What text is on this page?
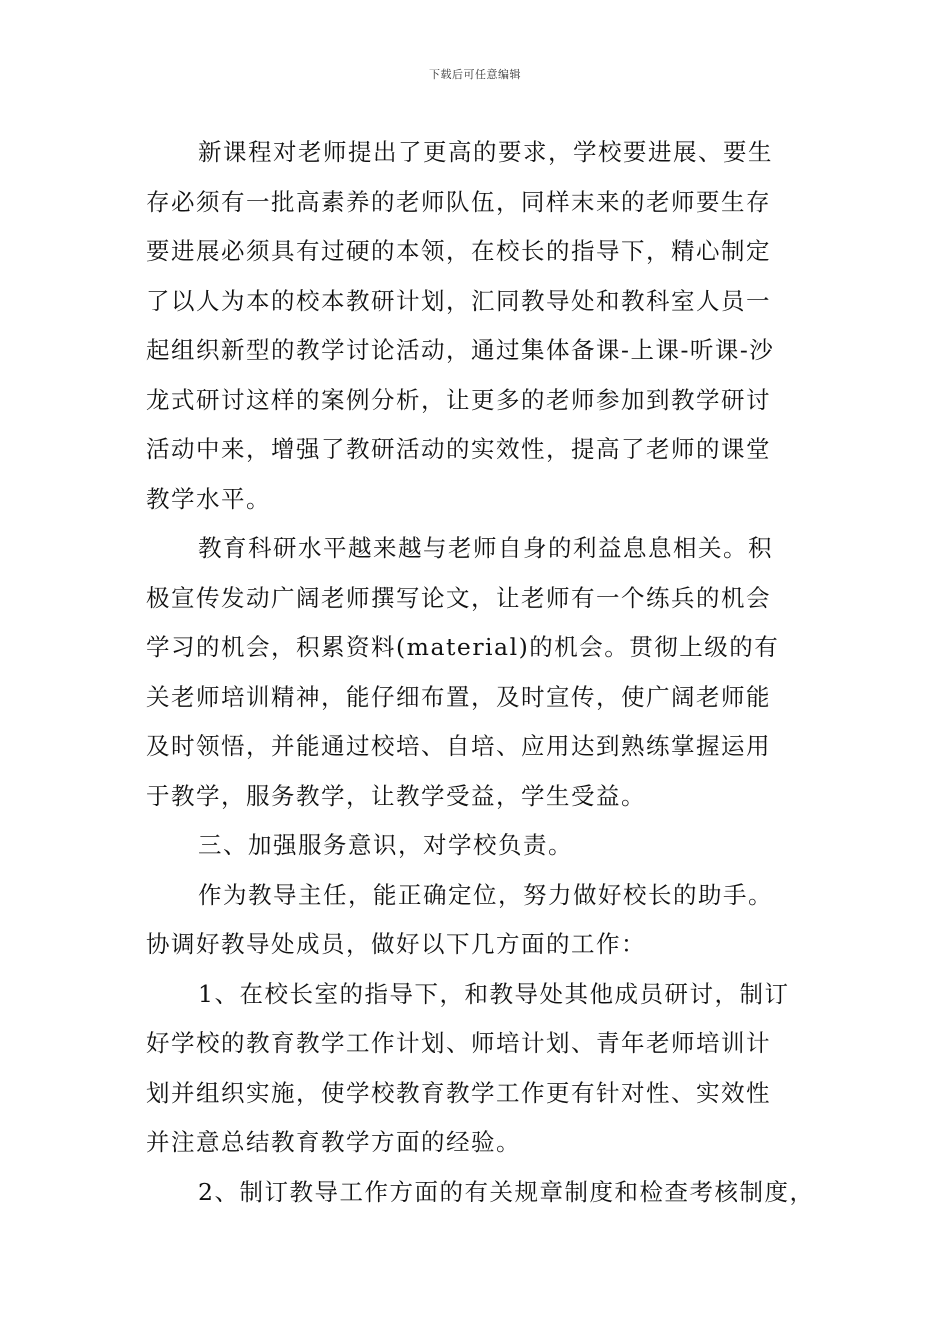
下载后可任意编辑
新课程对老师提出了更高的要求，学校要进展、要生
存必须有一批高素养的老师队伍，同样末来的老师要生存
要进展必须具有过硬的本领，在校长的指导下，精心制定
了以人为本的校本教研计划，汇同教导处和教科室人员一
起组织新型的教学讨论活动，通过集体备课-上课-听课-沙
龙式研讨这样的案例分析，让更多的老师参加到教学研讨
活动中来，增强了教研活动的实效性，提高了老师的课堂
教学水平。
教育科研水平越来越与老师自身的利益息息相关。积
极宣传发动广阔老师撰写论文，让老师有一个练兵的机会
学习的机会，积累资料(material)的机会。贯彻上级的有
关老师培训精神，能仔细布置，及时宣传，使广阔老师能
及时领悟，并能通过校培、自培、应用达到熟练掌握运用
于教学，服务教学，让教学受益，学生受益。
三、加强服务意识，对学校负责。
作为教导主任，能正确定位，努力做好校长的助手。
协调好教导处成员，做好以下几方面的工作：
1、在校长室的指导下，和教导处其他成员研讨，制订
好学校的教育教学工作计划、师培计划、青年老师培训计
划并组织实施，使学校教育教学工作更有针对性、实效性
并注意总结教育教学方面的经验。
2、制订教导工作方面的有关规章制度和检查考核制度，
